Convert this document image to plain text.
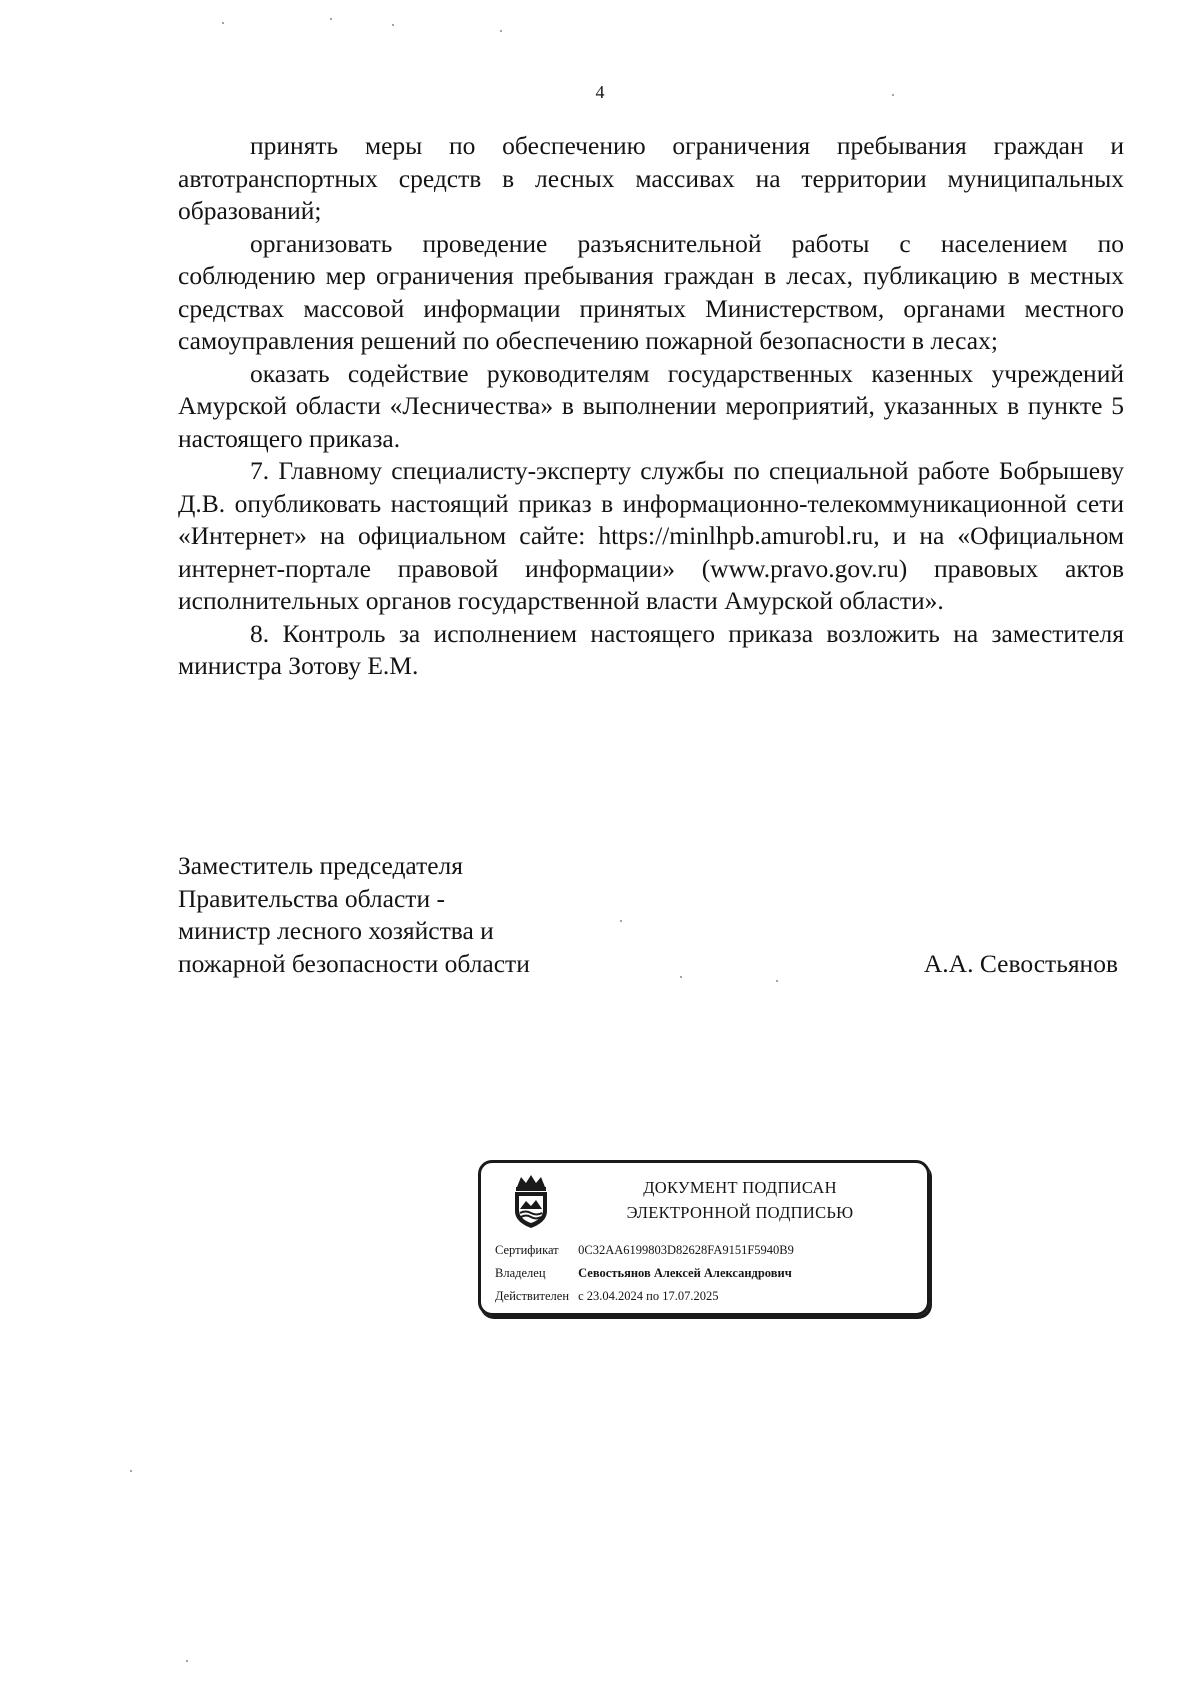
4

принять меры по обеспечению ограничения пребывания граждан и автотранспортных средств в лесных массивах на территории муниципальных образований;

организовать проведение разъяснительной работы с населением по соблюдению мер ограничения пребывания граждан в лесах, публикацию в местных средствах массовой информации принятых Министерством, органами местного самоуправления решений по обеспечению пожарной безопасности в лесах;

оказать содействие руководителям государственных казенных учреждений Амурской области «Лесничества» в выполнении мероприятий, указанных в пункте 5 настоящего приказа.

7. Главному специалисту-эксперту службы по специальной работе Бобрышеву Д.В. опубликовать настоящий приказ в информационно-телекоммуникационной сети «Интернет» на официальном сайте: https://minlhpb.amurobl.ru, и на «Официальном интернет-портале правовой информации» (www.pravo.gov.ru) правовых актов исполнительных органов государственной власти Амурской области».

8. Контроль за исполнением настоящего приказа возложить на заместителя министра Зотову Е.М.

Заместитель председателя
Правительства области -
министр лесного хозяйства и
пожарной безопасности области	А.А. Севостьянов
ДОКУМЕНТ ПОДПИСАН
ЭЛЕКТРОННОЙ ПОДПИСЬЮ
Сертификат 0C32AA6199803D82628FA9151F5940B9
Владелец	Севостьянов Алексей Александрович
Действителен с 23.04.2024 по 17.07.2025
